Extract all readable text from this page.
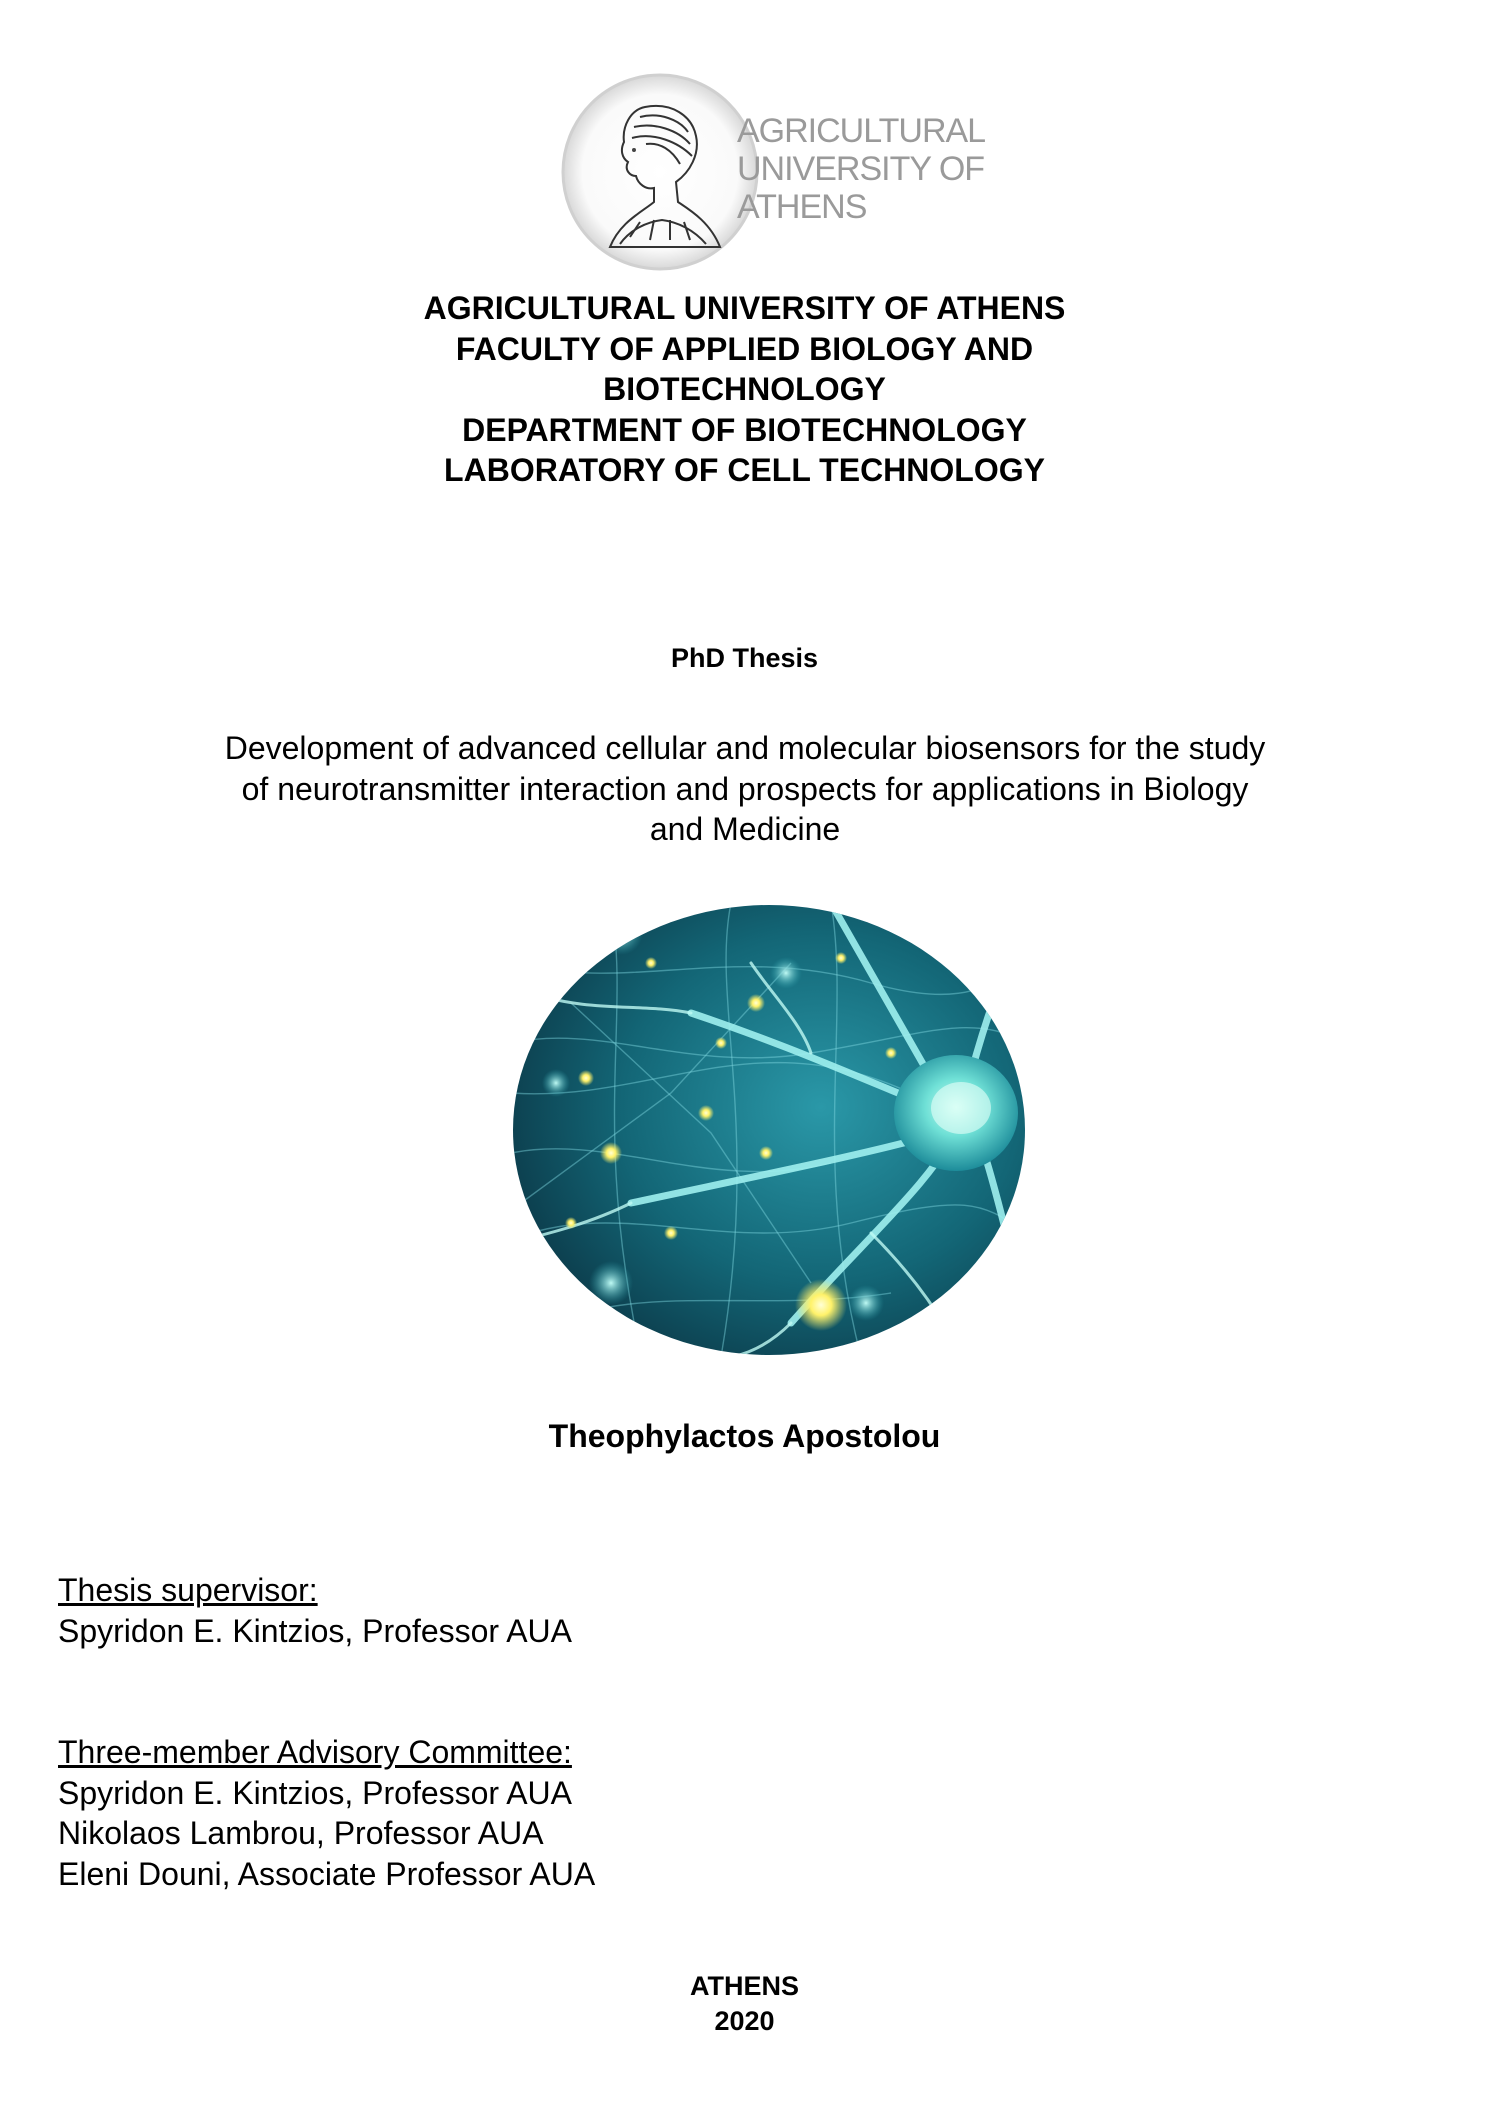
AGRICULTURAL
UNIVERSITY OF
ATHENS
AGRICULTURAL UNIVERSITY OF ATHENS
FACULTY OF APPLIED BIOLOGY AND
BIOTECHNOLOGY
DEPARTMENT OF BIOTECHNOLOGY
LABORATORY OF CELL TECHNOLOGY
PhD Thesis
Development of advanced cellular and molecular biosensors for the study
of neurotransmitter interaction and prospects for applications in Biology
and Medicine
Theophylactos Apostolou
Thesis supervisor:
Spyridon E. Kintzios, Professor AUA
Three-member Advisory Committee:
Spyridon E. Kintzios, Professor AUA
Nikolaos Lambrou, Professor AUA
Eleni Douni, Associate Professor AUA
ATHENS
2020
